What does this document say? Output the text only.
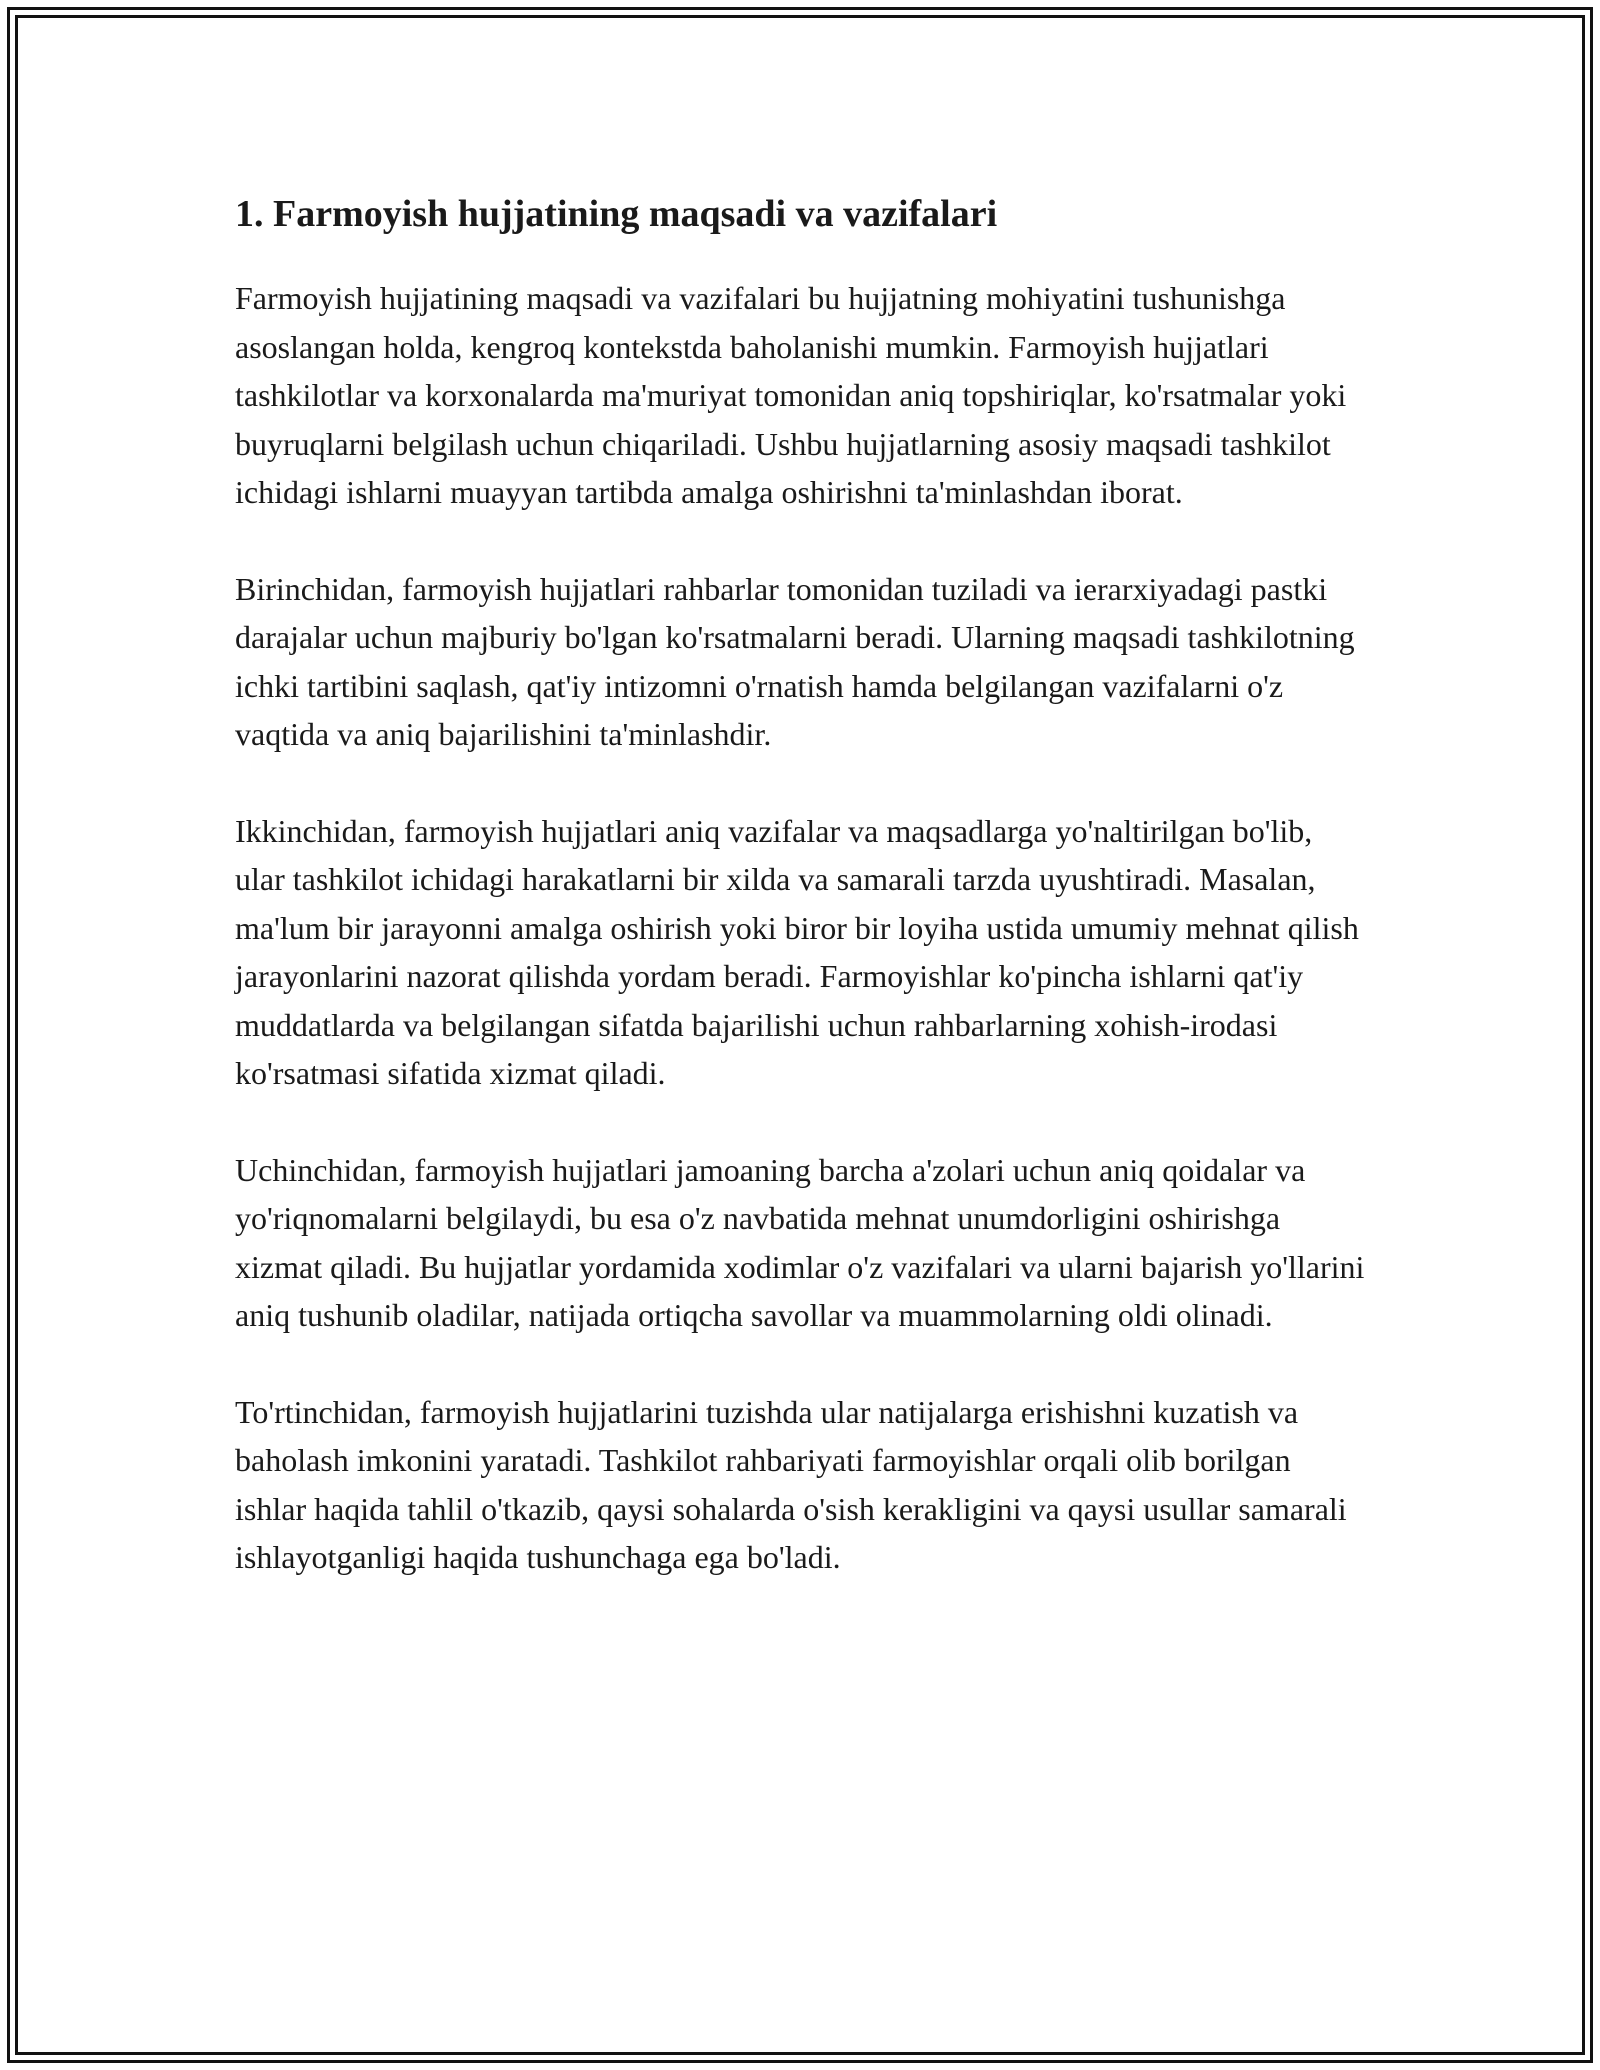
1. Farmoyish hujjatining maqsadi va vazifalari

Farmoyish hujjatining maqsadi va vazifalari bu hujjatning mohiyatini tushunishga asoslangan holda, kengroq kontekstda baholanishi mumkin. Farmoyish hujjatlari tashkilotlar va korxonalarda ma'muriyat tomonidan aniq topshiriqlar, ko'rsatmalar yoki buyruqlarni belgilash uchun chiqariladi. Ushbu hujjatlarning asosiy maqsadi tashkilot ichidagi ishlarni muayyan tartibda amalga oshirishni ta'minlashdan iborat.

Birinchidan, farmoyish hujjatlari rahbarlar tomonidan tuziladi va ierarxiyadagi pastki darajalar uchun majburiy bo'lgan ko'rsatmalarni beradi. Ularning maqsadi tashkilotning ichki tartibini saqlash, qat'iy intizomni o'rnatish hamda belgilangan vazifalarni o'z vaqtida va aniq bajarilishini ta'minlashdir.

Ikkinchidan, farmoyish hujjatlari aniq vazifalar va maqsadlarga yo'naltirilgan bo'lib, ular tashkilot ichidagi harakatlarni bir xilda va samarali tarzda uyushtiradi. Masalan, ma'lum bir jarayonni amalga oshirish yoki biror bir loyiha ustida umumiy mehnat qilish jarayonlarini nazorat qilishda yordam beradi. Farmoyishlar ko'pincha ishlarni qat'iy muddatlarda va belgilangan sifatda bajarilishi uchun rahbarlarning xohish-irodasi ko'rsatmasi sifatida xizmat qiladi.

Uchinchidan, farmoyish hujjatlari jamoaning barcha a'zolari uchun aniq qoidalar va yo'riqnomalarni belgilaydi, bu esa o'z navbatida mehnat unumdorligini oshirishga xizmat qiladi. Bu hujjatlar yordamida xodimlar o'z vazifalari va ularni bajarish yo'llarini aniq tushunib oladilar, natijada ortiqcha savollar va muammolarning oldi olinadi.

To'rtinchidan, farmoyish hujjatlarini tuzishda ular natijalarga erishishni kuzatish va baholash imkonini yaratadi. Tashkilot rahbariyati farmoyishlar orqali olib borilgan ishlar haqida tahlil o'tkazib, qaysi sohalarda o'sish kerakligini va qaysi usullar samarali ishlayotganligi haqida tushunchaga ega bo'ladi.
